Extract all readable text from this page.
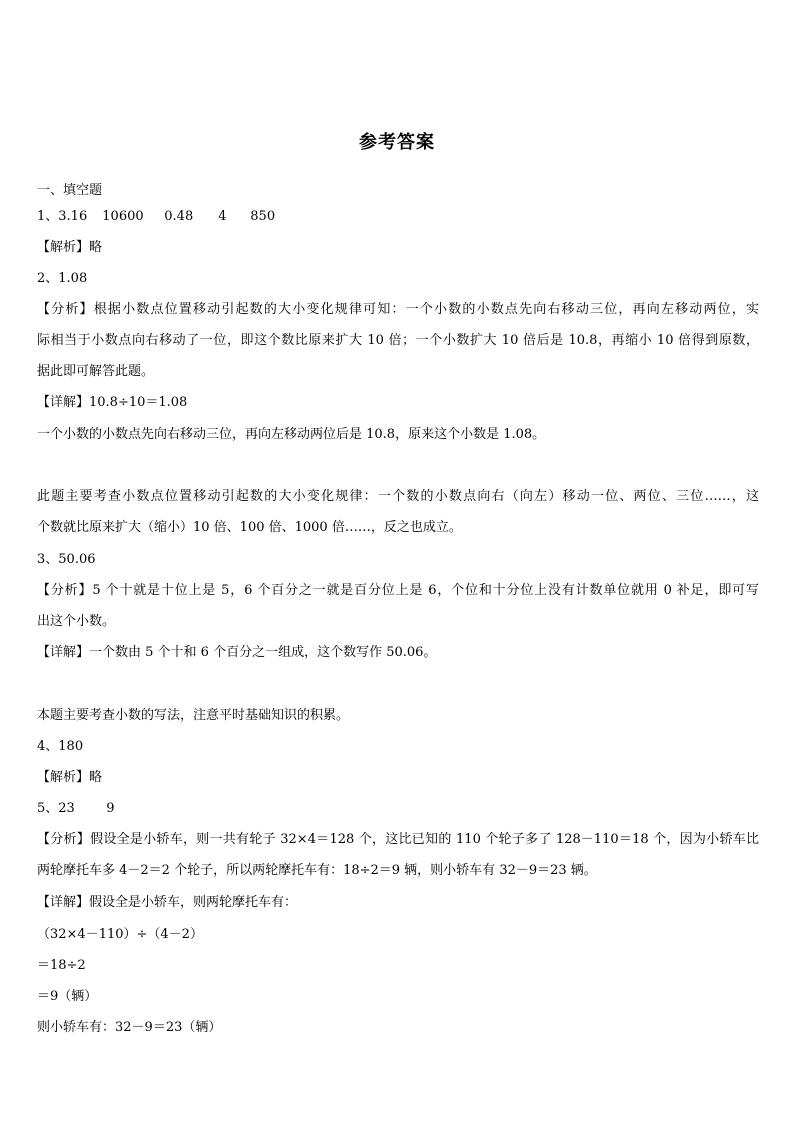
参考答案
一、填空题
1、3.16 10600 0.48 4 850
【解析】略
2、1.08
【分析】根据小数点位置移动引起数的大小变化规律可知：一个小数的小数点先向右移动三位，再向左移动两位，实
际相当于小数点向右移动了一位，即这个数比原来扩大 10 倍；一个小数扩大 10 倍后是 10.8，再缩小 10 倍得到原数，
据此即可解答此题。
【详解】10.8÷10＝1.08
一个小数的小数点先向右移动三位，再向左移动两位后是 10.8，原来这个小数是 1.08。
此题主要考查小数点位置移动引起数的大小变化规律：一个数的小数点向右（向左）移动一位、两位、三位……，这
个数就比原来扩大（缩小）10 倍、100 倍、1000 倍……，反之也成立。
3、50.06
【分析】5 个十就是十位上是 5，6 个百分之一就是百分位上是 6，个位和十分位上没有计数单位就用 0 补足，即可写
出这个小数。
【详解】一个数由 5 个十和 6 个百分之一组成，这个数写作 50.06。
本题主要考查小数的写法，注意平时基础知识的积累。
4、180
【解析】略
5、23 9
【分析】假设全是小轿车，则一共有轮子 32×4＝128 个，这比已知的 110 个轮子多了 128－110＝18 个，因为小轿车比
两轮摩托车多 4－2＝2 个轮子，所以两轮摩托车有：18÷2＝9 辆，则小轿车有 32－9＝23 辆。
【详解】假设全是小轿车，则两轮摩托车有：
（32×4－110）÷（4－2）
＝18÷2
＝9（辆）
则小轿车有：32－9＝23（辆）
